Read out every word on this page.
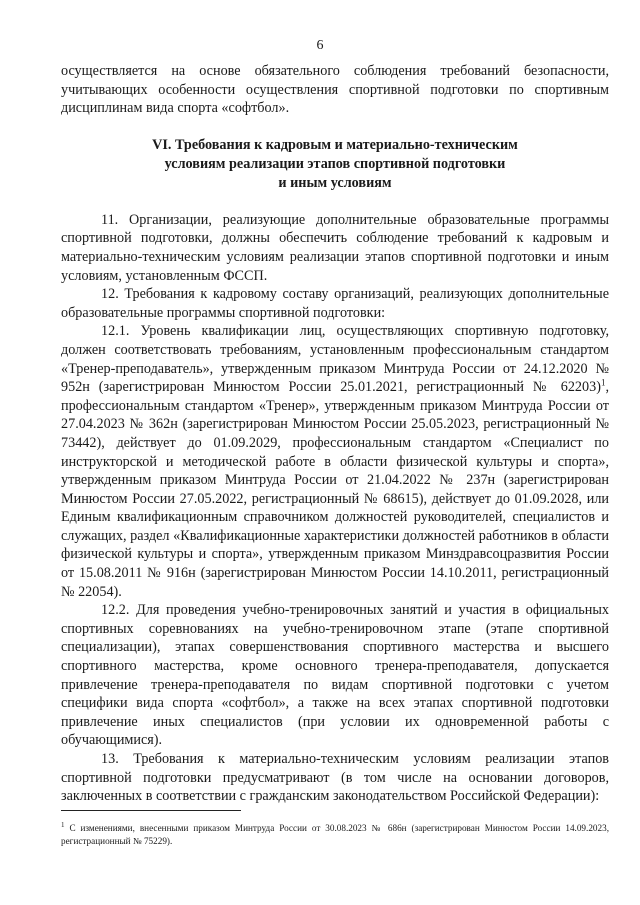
6

осуществляется на основе обязательного соблюдения требований безопасности, учитывающих особенности осуществления спортивной подготовки по спортивным дисциплинам вида спорта «софтбол».

VI. Требования к кадровым и материально-техническим
условиям реализации этапов спортивной подготовки
и иным условиям

11. Организации, реализующие дополнительные образовательные программы спортивной подготовки, должны обеспечить соблюдение требований к кадровым и материально-техническим условиям реализации этапов спортивной подготовки и иным условиям, установленным ФССП.

12. Требования к кадровому составу организаций, реализующих дополнительные образовательные программы спортивной подготовки:

12.1. Уровень квалификации лиц, осуществляющих спортивную подготовку, должен соответствовать требованиям, установленным профессиональным стандартом «Тренер-преподаватель», утвержденным приказом Минтруда России от 24.12.2020 № 952н (зарегистрирован Минюстом России 25.01.2021, регистрационный № 62203)$^1$, профессиональным стандартом «Тренер», утвержденным приказом Минтруда России от 27.04.2023 № 362н (зарегистрирован Минюстом России 25.05.2023, регистрационный № 73442), действует до 01.09.2029, профессиональным стандартом «Специалист по инструкторской и методической работе в области физической культуры и спорта», утвержденным приказом Минтруда России от 21.04.2022 № 237н (зарегистрирован Минюстом России 27.05.2022, регистрационный № 68615), действует до 01.09.2028, или Единым квалификационным справочником должностей руководителей, специалистов и служащих, раздел «Квалификационные характеристики должностей работников в области физической культуры и спорта», утвержденным приказом Минздравсоцразвития России от 15.08.2011 № 916н (зарегистрирован Минюстом России 14.10.2011, регистрационный № 22054).

12.2. Для проведения учебно-тренировочных занятий и участия в официальных спортивных соревнованиях на учебно-тренировочном этапе (этапе спортивной специализации), этапах совершенствования спортивного мастерства и высшего спортивного мастерства, кроме основного тренера-преподавателя, допускается привлечение тренера-преподавателя по видам спортивной подготовки с учетом специфики вида спорта «софтбол», а также на всех этапах спортивной подготовки привлечение иных специалистов (при условии их одновременной работы с обучающимися).

13. Требования к материально-техническим условиям реализации этапов спортивной подготовки предусматривают (в том числе на основании договоров, заключенных в соответствии с гражданским законодательством Российской Федерации):

$^1$ С изменениями, внесенными приказом Минтруда России от 30.08.2023 № 686н (зарегистрирован Минюстом России 14.09.2023, регистрационный № 75229).
